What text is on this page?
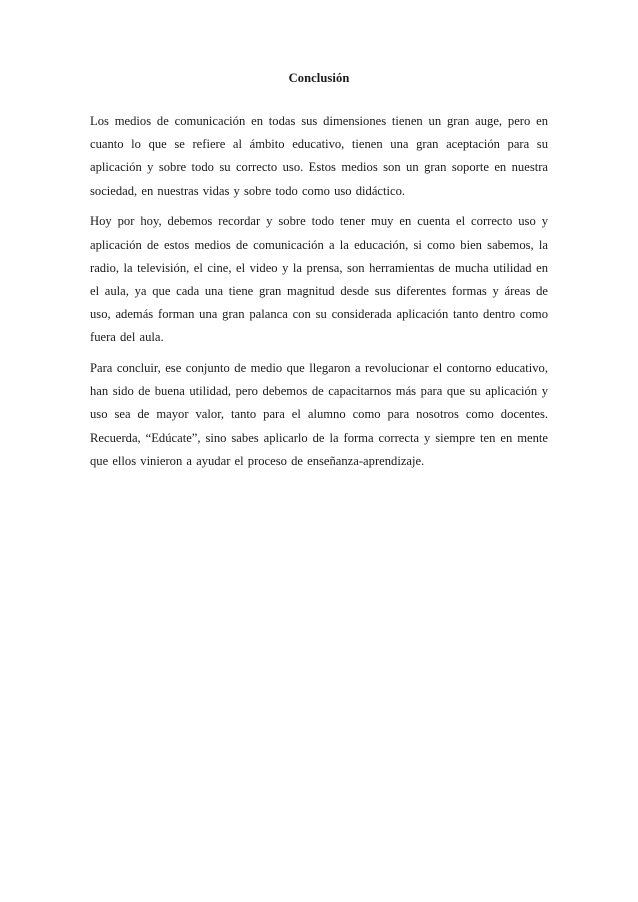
Conclusión

Los medios de comunicación en todas sus dimensiones tienen un gran auge, pero en cuanto lo que se refiere al ámbito educativo, tienen una gran aceptación para su aplicación y sobre todo su correcto uso. Estos medios son un gran soporte en nuestra sociedad, en nuestras vidas y sobre todo como uso didáctico.

Hoy por hoy, debemos recordar y sobre todo tener muy en cuenta el correcto uso y aplicación de estos medios de comunicación a la educación, si como bien sabemos, la radio, la televisión, el cine, el video y la prensa, son herramientas de mucha utilidad en el aula, ya que cada una tiene gran magnitud desde sus diferentes formas y áreas de uso, además forman una gran palanca con su considerada aplicación tanto dentro como fuera del aula.

Para concluir, ese conjunto de medio que llegaron a revolucionar el contorno educativo, han sido de buena utilidad, pero debemos de capacitarnos más para que su aplicación y uso sea de mayor valor, tanto para el alumno como para nosotros como docentes. Recuerda, “Edúcate”, sino sabes aplicarlo de la forma correcta y siempre ten en mente que ellos vinieron a ayudar el proceso de enseñanza-aprendizaje.
